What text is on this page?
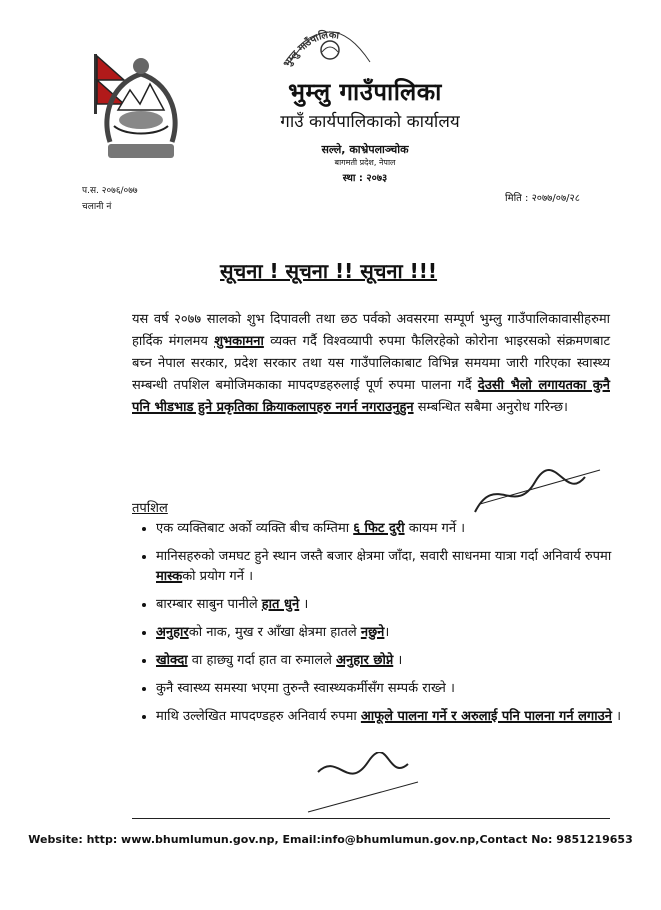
भुम्लु गाउँपालिका
भुम्लु गाउँपालिका
गाउँ कार्यपालिकाको कार्यालय
सल्ले, काभ्रेपलाञ्चोक
बागमती प्रदेश, नेपाल
स्था : २०७३
प.स. २०७६/०७७
चलानी नं
मिति : २०७७/०७/२८
सूचना ! सूचना !! सूचना !!!
यस वर्ष २०७७ सालको शुभ दिपावली तथा छठ पर्वको अवसरमा सम्पूर्ण भुम्लु गाउँपालिकावासीहरुमा हार्दिक मंगलमय शुभकामना व्यक्त गर्दै विश्वव्यापी रुपमा फैलिरहेको कोरोना भाइरसको संक्रमणबाट बच्न नेपाल सरकार, प्रदेश सरकार तथा यस गाउँपालिकाबाट विभिन्न समयमा जारी गरिएका स्वास्थ्य सम्बन्धी तपशिल बमोजिमकाका मापदण्डहरुलाई पूर्ण रुपमा पालना गर्दै देउसी भैलो लगायतका कुनै पनि भीडभाड हुने प्रकृतिका क्रियाकलापहरु नगर्न नगराउनुहुन सम्बन्धित सबैमा अनुरोध गरिन्छ।
तपशिल
• एक व्यक्तिबाट अर्को व्यक्ति बीच कम्तिमा ६ फिट दुरी कायम गर्ने ।
• मानिसहरुको जमघट हुने स्थान जस्तै बजार क्षेत्रमा जाँदा, सवारी साधनमा यात्रा गर्दा अनिवार्य रुपमा मास्कको प्रयोग गर्ने ।
• बारम्बार साबुन पानीले हात धुने ।
• अनुहारको नाक, मुख र आँखा क्षेत्रमा हातले नछुने।
• खोक्दा वा हाछ्यु गर्दा हात वा रुमालले अनुहार छोप्ने ।
• कुनै स्वास्थ्य समस्या भएमा तुरुन्तै स्वास्थ्यकर्मीसँग सम्पर्क राख्ने ।
• माथि उल्लेखित मापदण्डहरु अनिवार्य रुपमा आफूले पालना गर्ने र अरुलाई पनि पालना गर्न लगाउने ।
Website: http: www.bhumlumun.gov.np, Email:info@bhumlumun.gov.np,Contact No: 9851219653
